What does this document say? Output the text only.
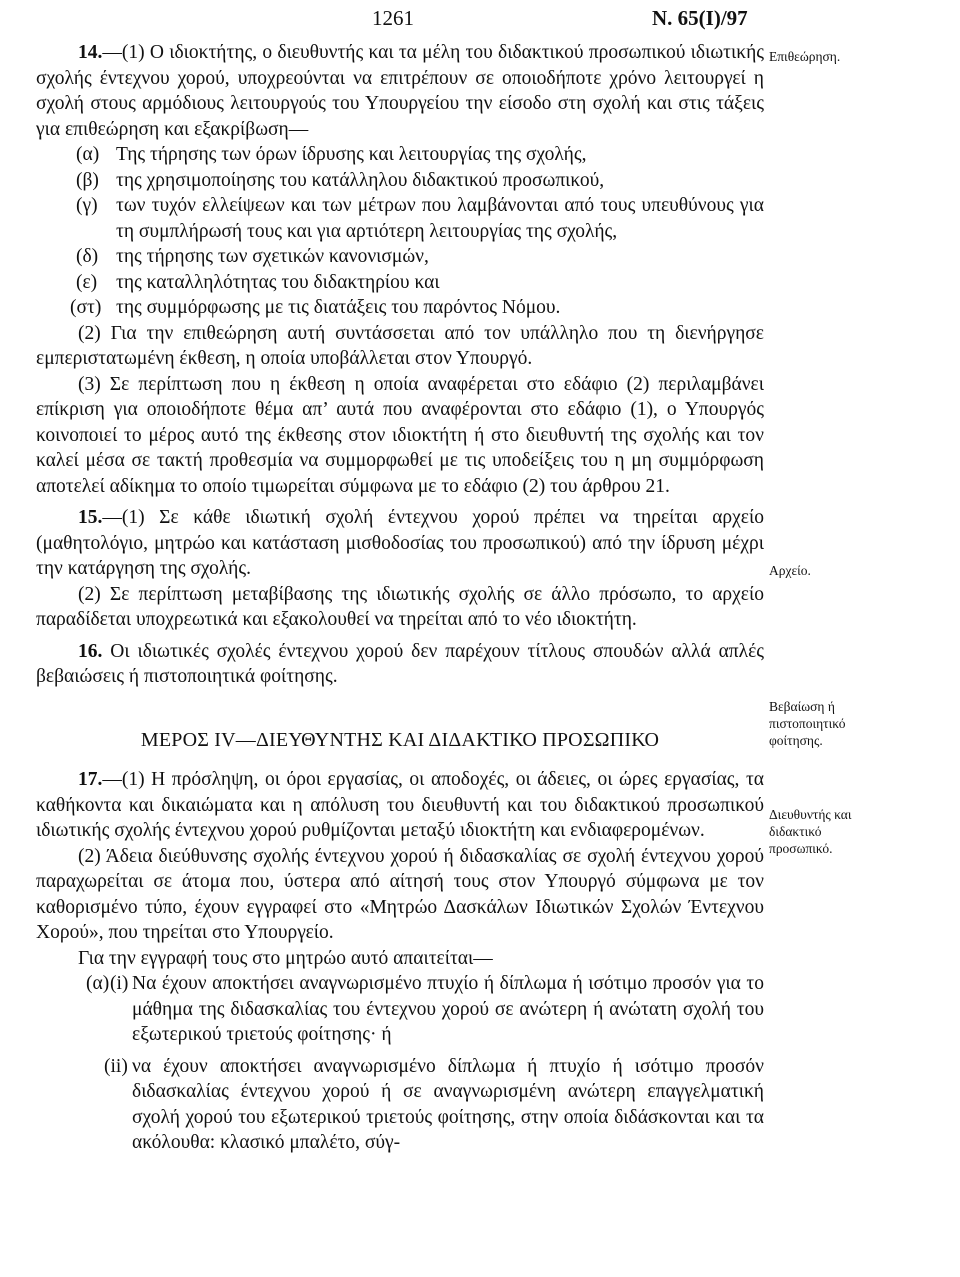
1261	Ν. 65(Ι)/97
Επιθεώρηση.
Αρχείο.
Βεβαίωση ή πιστοποιητικό φοίτησης.
Διευθυντής και διδακτικό προσωπικό.

14.—(1) Ο ιδιοκτήτης, ο διευθυντής και τα μέλη του διδακτικού προσωπικού ιδιωτικής σχολής έντεχνου χορού, υποχρεούνται να επιτρέπουν σε οποιοδήποτε χρόνο λειτουργεί η σχολή στους αρμόδιους λειτουργούς του Υπουργείου την είσοδο στη σχολή και στις τάξεις για επιθεώρηση και εξακρίβωση—

(α) Της τήρησης των όρων ίδρυσης και λειτουργίας της σχολής,

(β) της χρησιμοποίησης του κατάλληλου διδακτικού προσωπικού,

(γ) των τυχόν ελλείψεων και των μέτρων που λαμβάνονται από τους υπευθύνους για τη συμπλήρωσή τους και για αρτιότερη λειτουργίας της σχολής,

(δ) της τήρησης των σχετικών κανονισμών,

(ε) της καταλληλότητας του διδακτηρίου και

(στ) της συμμόρφωσης με τις διατάξεις του παρόντος Νόμου.

(2) Για την επιθεώρηση αυτή συντάσσεται από τον υπάλληλο που τη διενήργησε εμπεριστατωμένη έκθεση, η οποία υποβάλλεται στον Υπουργό.

(3) Σε περίπτωση που η έκθεση η οποία αναφέρεται στο εδάφιο (2) περιλαμβάνει επίκριση για οποιοδήποτε θέμα απ’ αυτά που αναφέρονται στο εδάφιο (1), ο Υπουργός κοινοποιεί το μέρος αυτό της έκθεσης στον ιδιοκτήτη ή στο διευθυντή της σχολής και τον καλεί μέσα σε τακτή προθεσμία να συμμορφωθεί με τις υποδείξεις του η μη συμμόρφωση αποτελεί αδίκημα το οποίο τιμωρείται σύμφωνα με το εδάφιο (2) του άρθρου 21.

15.—(1) Σε κάθε ιδιωτική σχολή έντεχνου χορού πρέπει να τηρείται αρχείο (μαθητολόγιο, μητρώο και κατάσταση μισθοδοσίας του προσωπικού) από την ίδρυση μέχρι την κατάργηση της σχολής.

(2) Σε περίπτωση μεταβίβασης της ιδιωτικής σχολής σε άλλο πρόσωπο, το αρχείο παραδίδεται υποχρεωτικά και εξακολουθεί να τηρείται από το νέο ιδιοκτήτη.

16. Οι ιδιωτικές σχολές έντεχνου χορού δεν παρέχουν τίτλους σπουδών αλλά απλές βεβαιώσεις ή πιστοποιητικά φοίτησης.

ΜΕΡΟΣ IV—ΔΙΕΥΘΥΝΤΗΣ ΚΑΙ ΔΙΔΑΚΤΙΚΟ ΠΡΟΣΩΠΙΚΟ

17.—(1) Η πρόσληψη, οι όροι εργασίας, οι αποδοχές, οι άδειες, οι ώρες εργασίας, τα καθήκοντα και δικαιώματα και η απόλυση του διευθυντή και του διδακτικού προσωπικού ιδιωτικής σχολής έντεχνου χορού ρυθμίζονται μεταξύ ιδιοκτήτη και ενδιαφερομένων.

(2) Άδεια διεύθυνσης σχολής έντεχνου χορού ή διδασκαλίας σε σχολή έντεχνου χορού παραχωρείται σε άτομα που, ύστερα από αίτησή τους στον Υπουργό σύμφωνα με τον καθορισμένο τύπο, έχουν εγγραφεί στο «Μητρώο Δασκάλων Ιδιωτικών Σχολών Έντεχνου Χορού», που τηρείται στο Υπουργείο.

Για την εγγραφή τους στο μητρώο αυτό απαιτείται—

(α) (i) Να έχουν αποκτήσει αναγνωρισμένο πτυχίο ή δίπλωμα ή ισότιμο προσόν για το μάθημα της διδασκαλίας του έντεχνου χορού σε ανώτερη ή ανώτατη σχολή του εξωτερικού τριετούς φοίτησης· ή

(ii) να έχουν αποκτήσει αναγνωρισμένο δίπλωμα ή πτυχίο ή ισότιμο προσόν διδασκαλίας έντεχνου χορού ή σε αναγνωρισμένη ανώτερη επαγγελματική σχολή χορού του εξωτερικού τριετούς φοίτησης, στην οποία διδάσκονται και τα ακόλουθα: κλασικό μπαλέτο, σύγ-
